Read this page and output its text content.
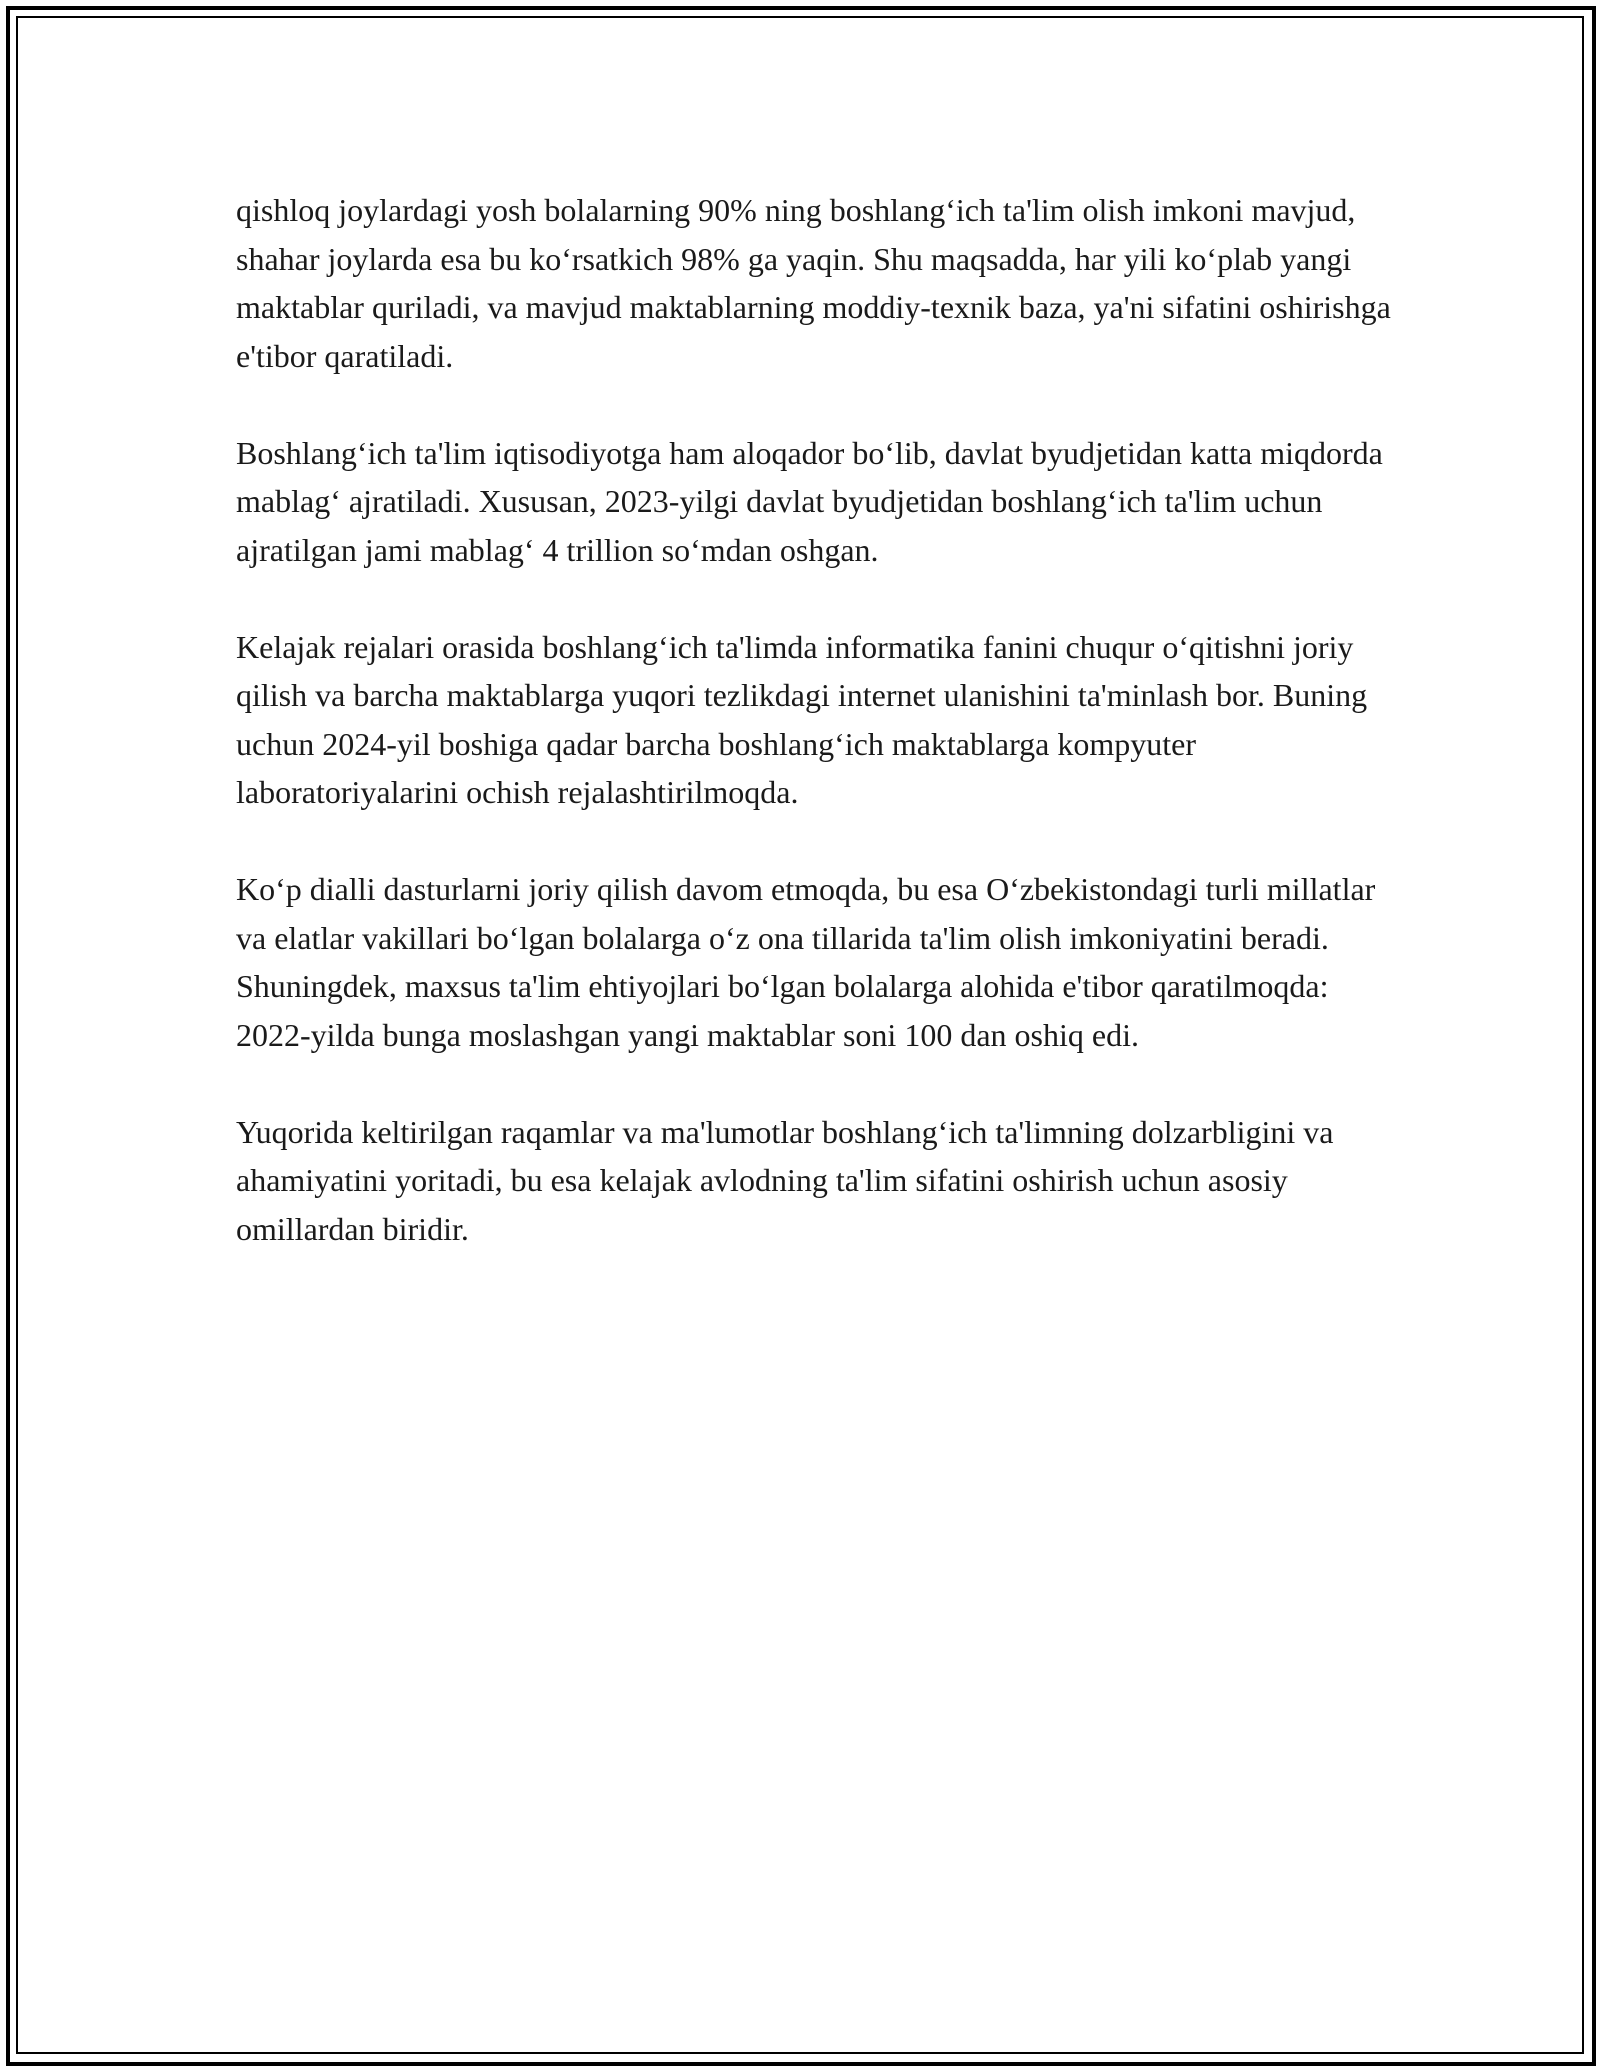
qishloq joylardagi yosh bolalarning 90% ning boshlang‘ich ta'lim olish imkoni mavjud, shahar joylarda esa bu ko‘rsatkich 98% ga yaqin. Shu maqsadda, har yili ko‘plab yangi maktablar quriladi, va mavjud maktablarning moddiy-texnik baza, ya'ni sifatini oshirishga e'tibor qaratiladi.

Boshlang‘ich ta'lim iqtisodiyotga ham aloqador bo‘lib, davlat byudjetidan katta miqdorda mablag‘ ajratiladi. Xususan, 2023-yilgi davlat byudjetidan boshlang‘ich ta'lim uchun ajratilgan jami mablag‘ 4 trillion so‘mdan oshgan.

Kelajak rejalari orasida boshlang‘ich ta'limda informatika fanini chuqur o‘qitishni joriy qilish va barcha maktablarga yuqori tezlikdagi internet ulanishini ta'minlash bor. Buning uchun 2024-yil boshiga qadar barcha boshlang‘ich maktablarga kompyuter laboratoriyalarini ochish rejalashtirilmoqda.

Ko‘p dialli dasturlarni joriy qilish davom etmoqda, bu esa O‘zbekistondagi turli millatlar va elatlar vakillari bo‘lgan bolalarga o‘z ona tillarida ta'lim olish imkoniyatini beradi. Shuningdek, maxsus ta'lim ehtiyojlari bo‘lgan bolalarga alohida e'tibor qaratilmoqda: 2022-yilda bunga moslashgan yangi maktablar soni 100 dan oshiq edi.

Yuqorida keltirilgan raqamlar va ma'lumotlar boshlang‘ich ta'limning dolzarbligini va ahamiyatini yoritadi, bu esa kelajak avlodning ta'lim sifatini oshirish uchun asosiy omillardan biridir.
